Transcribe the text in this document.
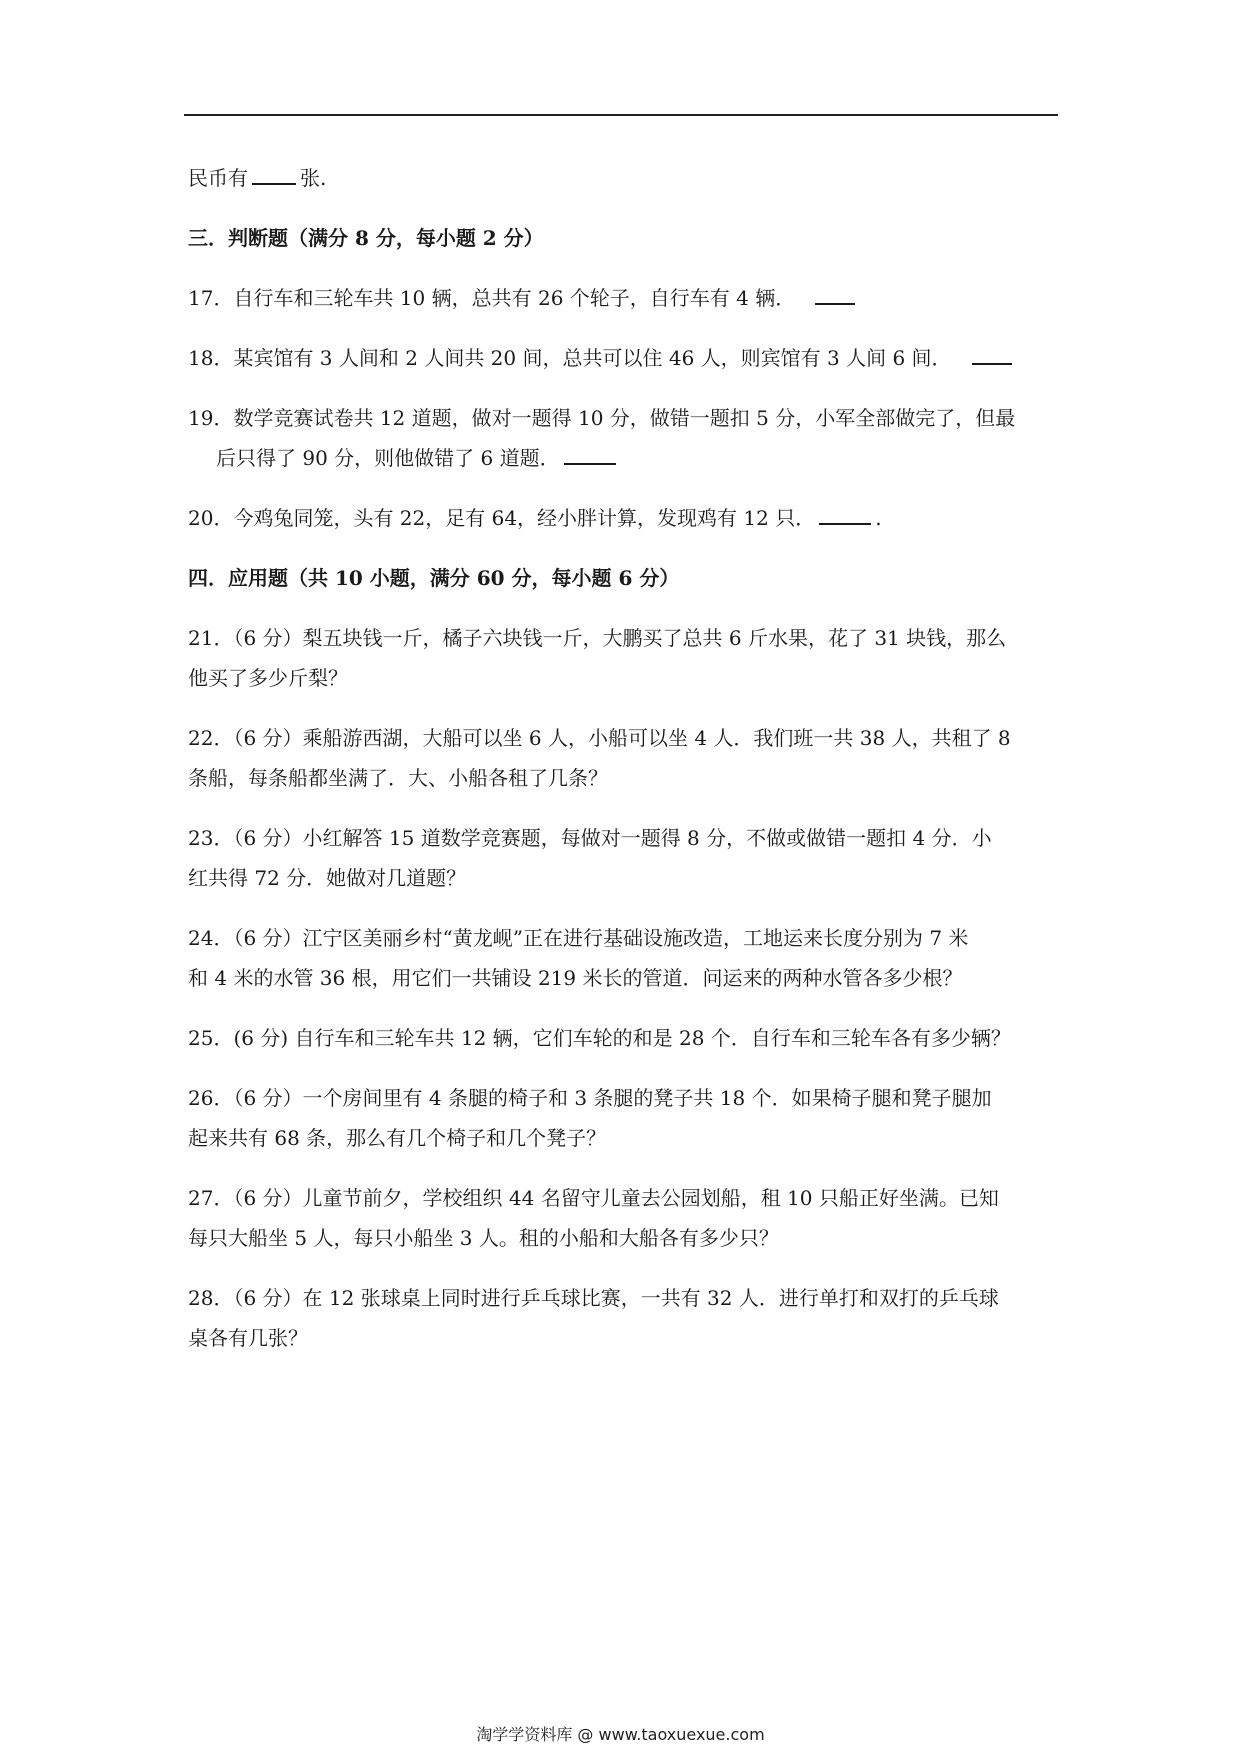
民币有	张.

三．判断题（满分 8 分，每小题 2 分）

17．自行车和三轮车共 10 辆，总共有 26 个轮子，自行车有 4 辆．

18．某宾馆有 3 人间和 2 人间共 20 间，总共可以住 46 人，则宾馆有 3 人间 6 间．

19．数学竞赛试卷共 12 道题，做对一题得 10 分，做错一题扣 5 分，小军全部做完了，但最
后只得了 90 分，则他做错了 6 道题．

20．今鸡兔同笼，头有 22，足有 64，经小胖计算，发现鸡有 12 只．	.

四．应用题（共 10 小题，满分 60 分，每小题 6 分）

21．（6 分）梨五块钱一斤，橘子六块钱一斤，大鹏买了总共 6 斤水果，花了 31 块钱，那么
他买了多少斤梨？

22．（6 分）乘船游西湖，大船可以坐 6 人，小船可以坐 4 人．我们班一共 38 人，共租了 8
条船，每条船都坐满了．大、小船各租了几条？

23．（6 分）小红解答 15 道数学竞赛题，每做对一题得 8 分，不做或做错一题扣 4 分．小
红共得 72 分．她做对几道题？

24．（6 分）江宁区美丽乡村“黄龙岘”正在进行基础设施改造，工地运来长度分别为 7 米
和 4 米的水管 36 根，用它们一共铺设 219 米长的管道．问运来的两种水管各多少根？

25．(6 分) 自行车和三轮车共 12 辆，它们车轮的和是 28 个．自行车和三轮车各有多少辆？

26．（6 分）一个房间里有 4 条腿的椅子和 3 条腿的凳子共 18 个．如果椅子腿和凳子腿加
起来共有 68 条，那么有几个椅子和几个凳子？

27．（6 分）儿童节前夕，学校组织 44 名留守儿童去公园划船，租 10 只船正好坐满。已知
每只大船坐 5 人，每只小船坐 3 人。租的小船和大船各有多少只？

28．（6 分）在 12 张球桌上同时进行乒乓球比赛，一共有 32 人．进行单打和双打的乒乓球
桌各有几张？

淘学学资料库 @ www.taoxuexue.com
